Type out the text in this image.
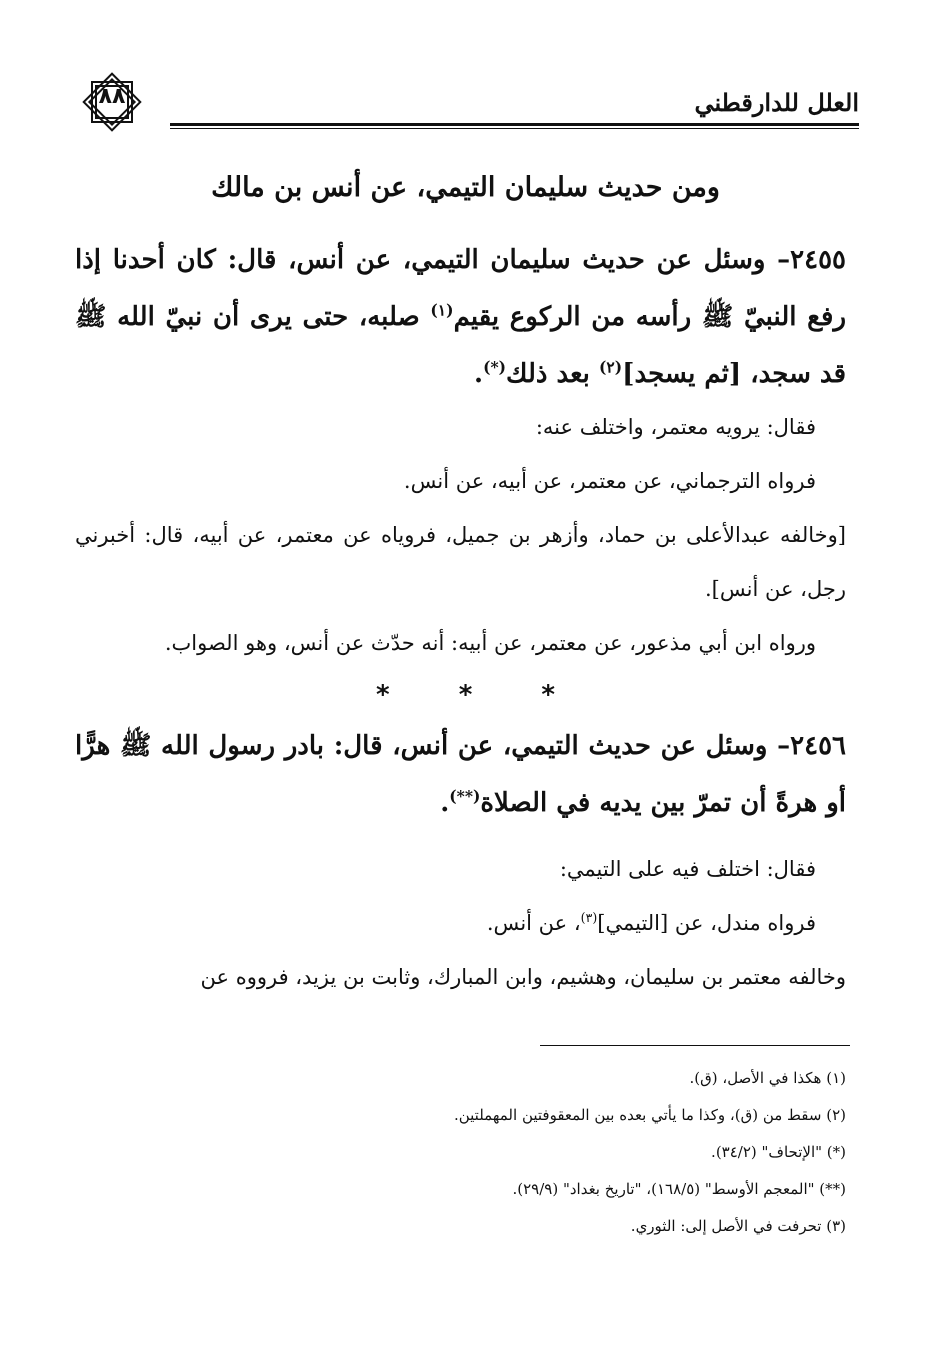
العلل للدارقطني
٨٨
ومن حديث سليمان التيمي، عن أنس بن مالك
٢٤٥٥– وسئل عن حديث سليمان التيمي، عن أنس، قال: كان أحدنا إذا رفع النبيّ ﷺ رأسه من الركوع يقيم$^{(١)}$ صلبه، حتى يرى أن نبيّ الله ﷺ قد سجد، [ثم يسجد]$^{(٢)}$ بعد ذلك(*).
فقال: يرويه معتمر، واختلف عنه:
فرواه الترجماني، عن معتمر، عن أبيه، عن أنس.
[وخالفه عبدالأعلى بن حماد، وأزهر بن جميل، فروياه عن معتمر، عن أبيه، قال: أخبرني رجل، عن أنس].
ورواه ابن أبي مذعور، عن معتمر، عن أبيه: أنه حدّث عن أنس، وهو الصواب.
*	*	*
٢٤٥٦– وسئل عن حديث التيمي، عن أنس، قال: بادر رسول الله ﷺ هرًّا أو هرةً أن تمرّ بين يديه في الصلاة(**).
فقال: اختلف فيه على التيمي:
فرواه مندل، عن [التيمي]$^{(٣)}$، عن أنس.
وخالفه معتمر بن سليمان، وهشيم، وابن المبارك، وثابت بن يزيد، فرووه عن
(١) هكذا في الأصل، (ق).
(٢) سقط من (ق)، وكذا ما يأتي بعده بين المعقوفتين المهملتين.
(*) "الإتحاف" (٣٤/٢).
(**) "المعجم الأوسط" (١٦٨/٥)، "تاريخ بغداد" (٢٩/٩).
(٣) تحرفت في الأصل إلى: الثوري.
